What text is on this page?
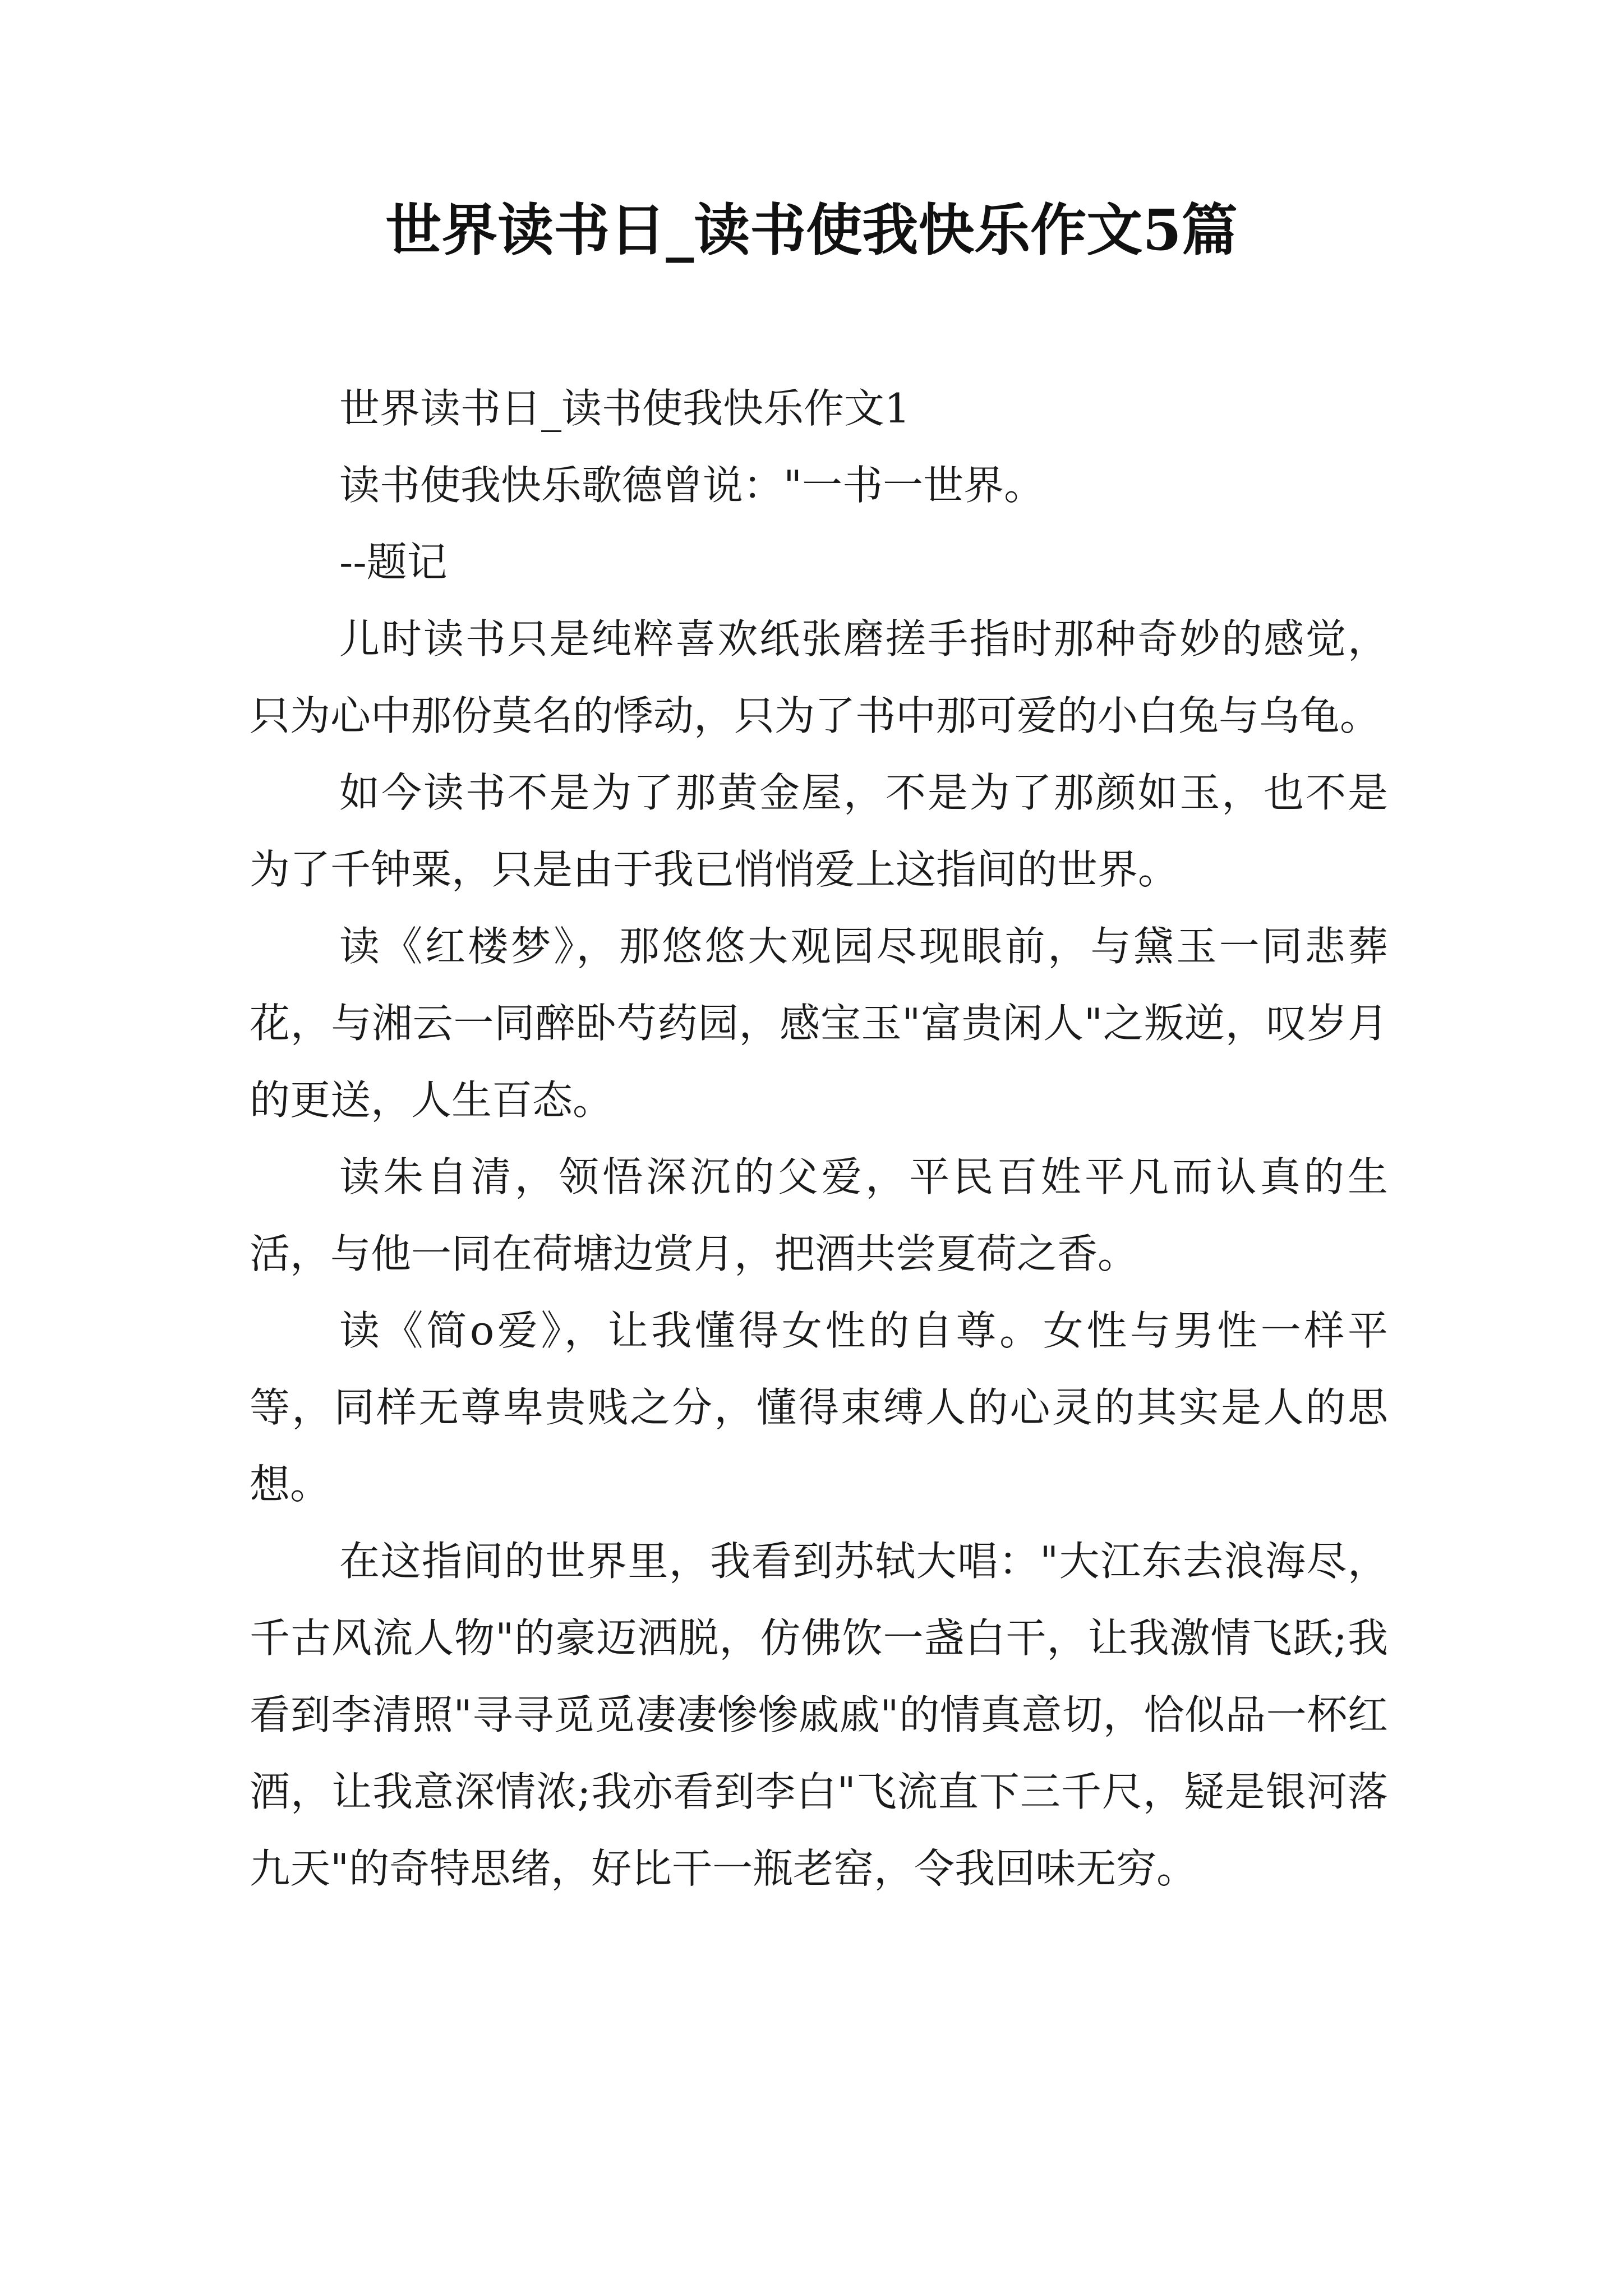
世界读书日_读书使我快乐作文5篇

世界读书日_读书使我快乐作文1

读书使我快乐歌德曾说："一书一世界。

--题记

儿时读书只是纯粹喜欢纸张磨搓手指时那种奇妙的感觉，只为心中那份莫名的悸动，只为了书中那可爱的小白兔与乌龟。

如今读书不是为了那黄金屋，不是为了那颜如玉，也不是为了千钟粟，只是由于我已悄悄爱上这指间的世界。

读《红楼梦》，那悠悠大观园尽现眼前，与黛玉一同悲葬花，与湘云一同醉卧芍药园，感宝玉"富贵闲人"之叛逆，叹岁月的更送，人生百态。

读朱自清，领悟深沉的父爱，平民百姓平凡而认真的生活，与他一同在荷塘边赏月，把酒共尝夏荷之香。

读《简ο爱》，让我懂得女性的自尊。女性与男性一样平等，同样无尊卑贵贱之分，懂得束缚人的心灵的其实是人的思想。

在这指间的世界里，我看到苏轼大唱："大江东去浪海尽，千古风流人物"的豪迈洒脱，仿佛饮一盏白干，让我激情飞跃;我看到李清照"寻寻觅觅凄凄惨惨戚戚"的情真意切，恰似品一杯红酒，让我意深情浓;我亦看到李白"飞流直下三千尺，疑是银河落九天"的奇特思绪，好比干一瓶老窑，令我回味无穷。
